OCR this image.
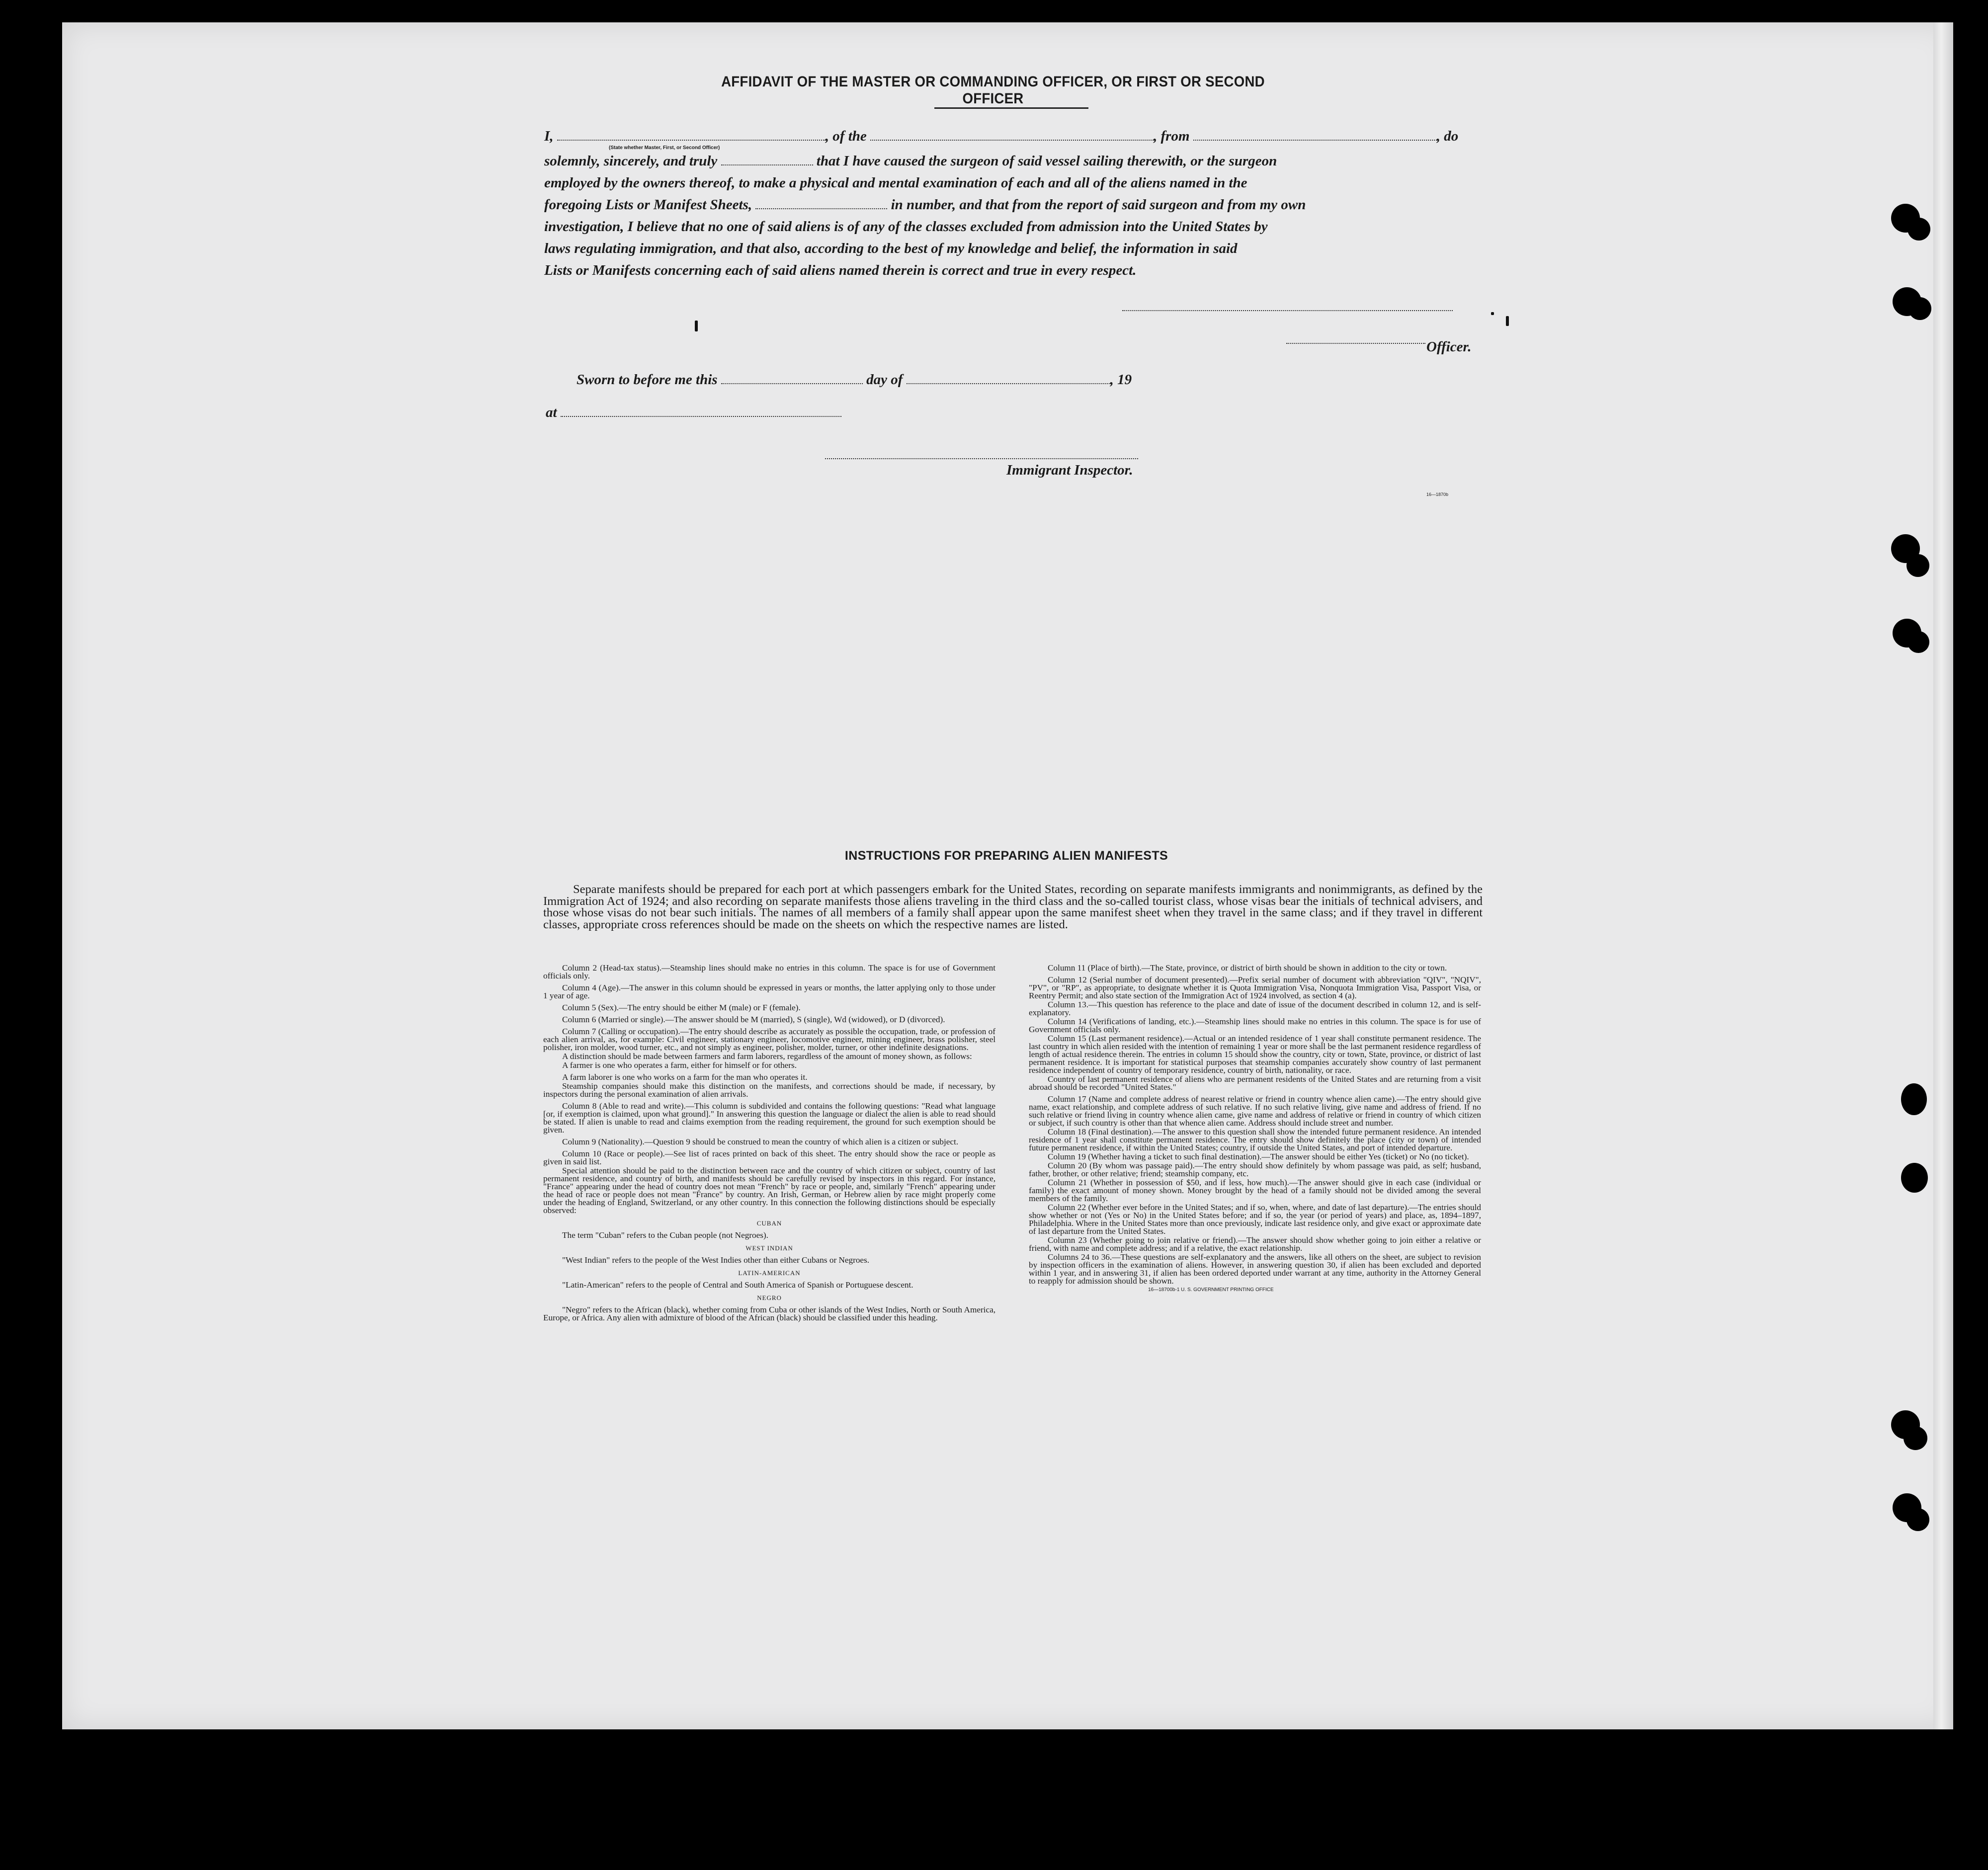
AFFIDAVIT OF THE MASTER OR COMMANDING OFFICER, OR FIRST OR SECOND OFFICER
I,	, of the	, from	, do
(State whether Master, First, or Second Officer)
solemnly, sincerely, and truly	that I have caused the surgeon of said vessel sailing therewith, or the surgeon
employed by the owners thereof, to make a physical and mental examination of each and all of the aliens named in the
foregoing Lists or Manifest Sheets,	in number, and that from the report of said surgeon and from my own
investigation, I believe that no one of said aliens is of any of the classes excluded from admission into the United States by
laws regulating immigration, and that also, according to the best of my knowledge and belief, the information in said
Lists or Manifests concerning each of said aliens named therein is correct and true in every respect.
Officer.
Sworn to before me this	day of	, 19
at
Immigrant Inspector.
16—1870b
INSTRUCTIONS FOR PREPARING ALIEN MANIFESTS
Separate manifests should be prepared for each port at which passengers embark for the United States, recording on separate manifests immigrants and nonimmigrants, as defined by the Immigration Act of 1924; and also recording on separate manifests those aliens traveling in the third class and the so-called tourist class, whose visas bear the initials of technical advisers, and those whose visas do not bear such initials. The names of all members of a family shall appear upon the same manifest sheet when they travel in the same class; and if they travel in different classes, appropriate cross references should be made on the sheets on which the respective names are listed.

Column 2 (Head-tax status).—Steamship lines should make no entries in this column. The space is for use of Government officials only.

Column 4 (Age).—The answer in this column should be expressed in years or months, the latter applying only to those under 1 year of age.

Column 5 (Sex).—The entry should be either M (male) or F (female).

Column 6 (Married or single).—The answer should be M (married), S (single), Wd (widowed), or D (divorced).

Column 7 (Calling or occupation).—The entry should describe as accurately as possible the occupation, trade, or profession of each alien arrival, as, for example: Civil engineer, stationary engineer, locomotive engineer, mining engineer, brass polisher, steel polisher, iron molder, wood turner, etc., and not simply as engineer, polisher, molder, turner, or other indefinite designations.

A distinction should be made between farmers and farm laborers, regardless of the amount of money shown, as follows:

A farmer is one who operates a farm, either for himself or for others.

A farm laborer is one who works on a farm for the man who operates it.

Steamship companies should make this distinction on the manifests, and corrections should be made, if necessary, by inspectors during the personal examination of alien arrivals.

Column 8 (Able to read and write).—This column is subdivided and contains the following questions: "Read what language [or, if exemption is claimed, upon what ground]." In answering this question the language or dialect the alien is able to read should be stated. If alien is unable to read and claims exemption from the reading requirement, the ground for such exemption should be given.

Column 9 (Nationality).—Question 9 should be construed to mean the country of which alien is a citizen or subject.

Column 10 (Race or people).—See list of races printed on back of this sheet. The entry should show the race or people as given in said list.

Special attention should be paid to the distinction between race and the country of which citizen or subject, country of last permanent residence, and country of birth, and manifests should be carefully revised by inspectors in this regard. For instance, "France" appearing under the head of country does not mean "French" by race or people, and, similarly "French" appearing under the head of race or people does not mean "France" by country. An Irish, German, or Hebrew alien by race might properly come under the heading of England, Switzerland, or any other country. In this connection the following distinctions should be especially observed:

CUBAN

The term "Cuban" refers to the Cuban people (not Negroes).

WEST INDIAN

"West Indian" refers to the people of the West Indies other than either Cubans or Negroes.

LATIN-AMERICAN

"Latin-American" refers to the people of Central and South America of Spanish or Portuguese descent.

NEGRO

"Negro" refers to the African (black), whether coming from Cuba or other islands of the West Indies, North or South America, Europe, or Africa. Any alien with admixture of blood of the African (black) should be classified under this heading.

Column 11 (Place of birth).—The State, province, or district of birth should be shown in addition to the city or town.

Column 12 (Serial number of document presented).—Prefix serial number of document with abbreviation "QIV", "NQIV", "PV", or "RP", as appropriate, to designate whether it is Quota Immigration Visa, Nonquota Immigration Visa, Passport Visa, or Reentry Permit; and also state section of the Immigration Act of 1924 involved, as section 4 (a).

Column 13.—This question has reference to the place and date of issue of the document described in column 12, and is self-explanatory.

Column 14 (Verifications of landing, etc.).—Steamship lines should make no entries in this column. The space is for use of Government officials only.

Column 15 (Last permanent residence).—Actual or an intended residence of 1 year shall constitute permanent residence. The last country in which alien resided with the intention of remaining 1 year or more shall be the last permanent residence regardless of length of actual residence therein. The entries in column 15 should show the country, city or town, State, province, or district of last permanent residence. It is important for statistical purposes that steamship companies accurately show country of last permanent residence independent of country of temporary residence, country of birth, nationality, or race.

Country of last permanent residence of aliens who are permanent residents of the United States and are returning from a visit abroad should be recorded "United States."

Column 17 (Name and complete address of nearest relative or friend in country whence alien came).—The entry should give name, exact relationship, and complete address of such relative. If no such relative living, give name and address of friend. If no such relative or friend living in country whence alien came, give name and address of relative or friend in country of which citizen or subject, if such country is other than that whence alien came. Address should include street and number.

Column 18 (Final destination).—The answer to this question shall show the intended future permanent residence. An intended residence of 1 year shall constitute permanent residence. The entry should show definitely the place (city or town) of intended future permanent residence, if within the United States; country, if outside the United States, and port of intended departure.

Column 19 (Whether having a ticket to such final destination).—The answer should be either Yes (ticket) or No (no ticket).

Column 20 (By whom was passage paid).—The entry should show definitely by whom passage was paid, as self; husband, father, brother, or other relative; friend; steamship company, etc.

Column 21 (Whether in possession of $50, and if less, how much).—The answer should give in each case (individual or family) the exact amount of money shown. Money brought by the head of a family should not be divided among the several members of the family.

Column 22 (Whether ever before in the United States; and if so, when, where, and date of last departure).—The entries should show whether or not (Yes or No) in the United States before; and if so, the year (or period of years) and place, as, 1894–1897, Philadelphia. Where in the United States more than once previously, indicate last residence only, and give exact or approximate date of last departure from the United States.

Column 23 (Whether going to join relative or friend).—The answer should show whether going to join either a relative or friend, with name and complete address; and if a relative, the exact relationship.

Columns 24 to 36.—These questions are self-explanatory and the answers, like all others on the sheet, are subject to revision by inspection officers in the examination of aliens. However, in answering question 30, if alien has been excluded and deported within 1 year, and in answering 31, if alien has been ordered deported under warrant at any time, authority in the Attorney General to reapply for admission should be shown.

16—18700b-1 U. S. GOVERNMENT PRINTING OFFICE
